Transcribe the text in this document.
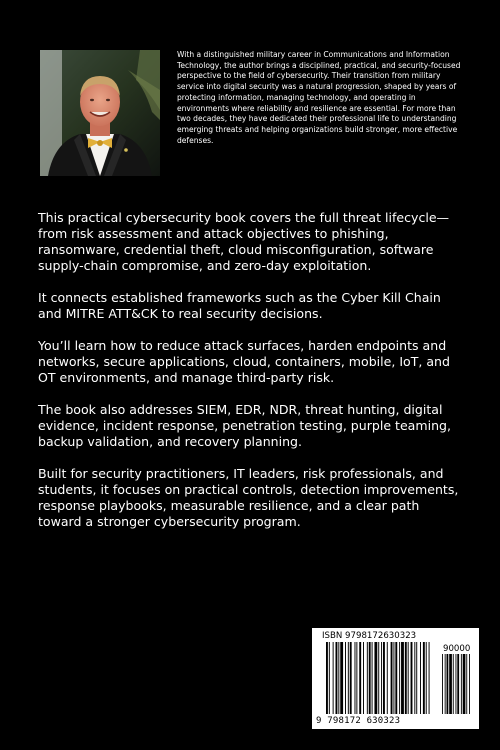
With a distinguished military career in Communications and Information Technology, the author brings a disciplined, practical, and security-focused perspective to the field of cybersecurity. Their transition from military service into digital security was a natural progression, shaped by years of protecting information, managing technology, and operating in environments where reliability and resilience are essential. For more than two decades, they have dedicated their professional life to understanding emerging threats and helping organizations build stronger, more effective defenses.

This practical cybersecurity book covers the full threat lifecycle—from risk assessment and attack objectives to phishing, ransomware, credential theft, cloud misconfiguration, software supply-chain compromise, and zero-day exploitation.

It connects established frameworks such as the Cyber Kill Chain and MITRE ATT&CK to real security decisions.

You’ll learn how to reduce attack surfaces, harden endpoints and networks, secure applications, cloud, containers, mobile, IoT, and OT environments, and manage third-party risk.

The book also addresses SIEM, EDR, NDR, threat hunting, digital evidence, incident response, penetration testing, purple teaming, backup validation, and recovery planning.

Built for security practitioners, IT leaders, risk professionals, and students, it focuses on practical controls, detection improvements, response playbooks, measurable resilience, and a clear path toward a stronger cybersecurity program.

ISBN 9798172630323
90000
9 798172 630323
